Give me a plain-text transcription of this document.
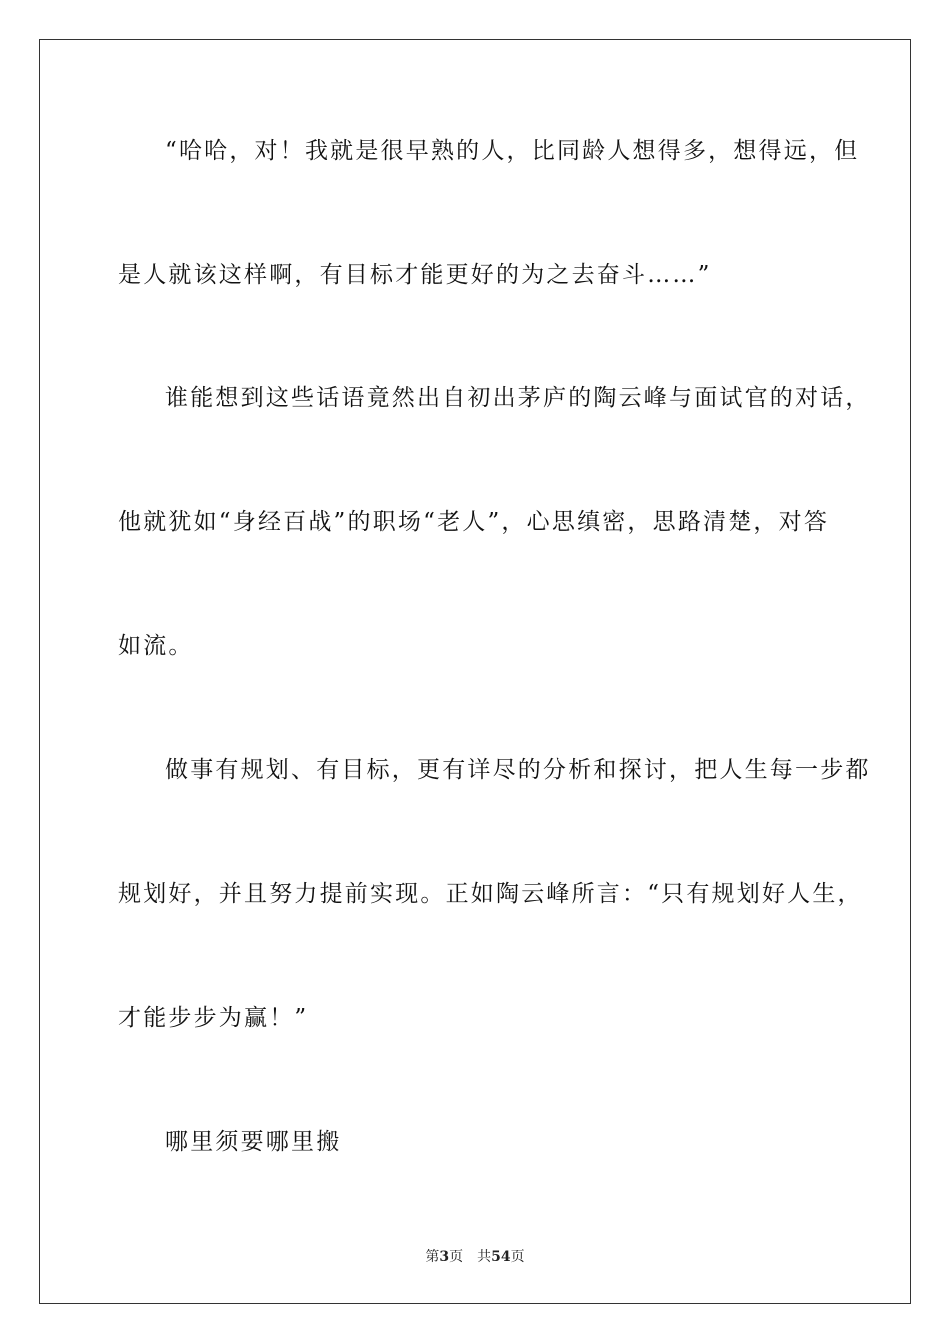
“哈哈，对！我就是很早熟的人，比同龄人想得多，想得远，但
是人就该这样啊，有目标才能更好的为之去奋斗……”
谁能想到这些话语竟然出自初出茅庐的陶云峰与面试官的对话，
他就犹如“身经百战”的职场“老人”，心思缜密，思路清楚，对答
如流。
做事有规划、有目标，更有详尽的分析和探讨，把人生每一步都
规划好，并且努力提前实现。正如陶云峰所言：“只有规划好人生，
才能步步为赢！”
哪里须要哪里搬
第3页 共54页
